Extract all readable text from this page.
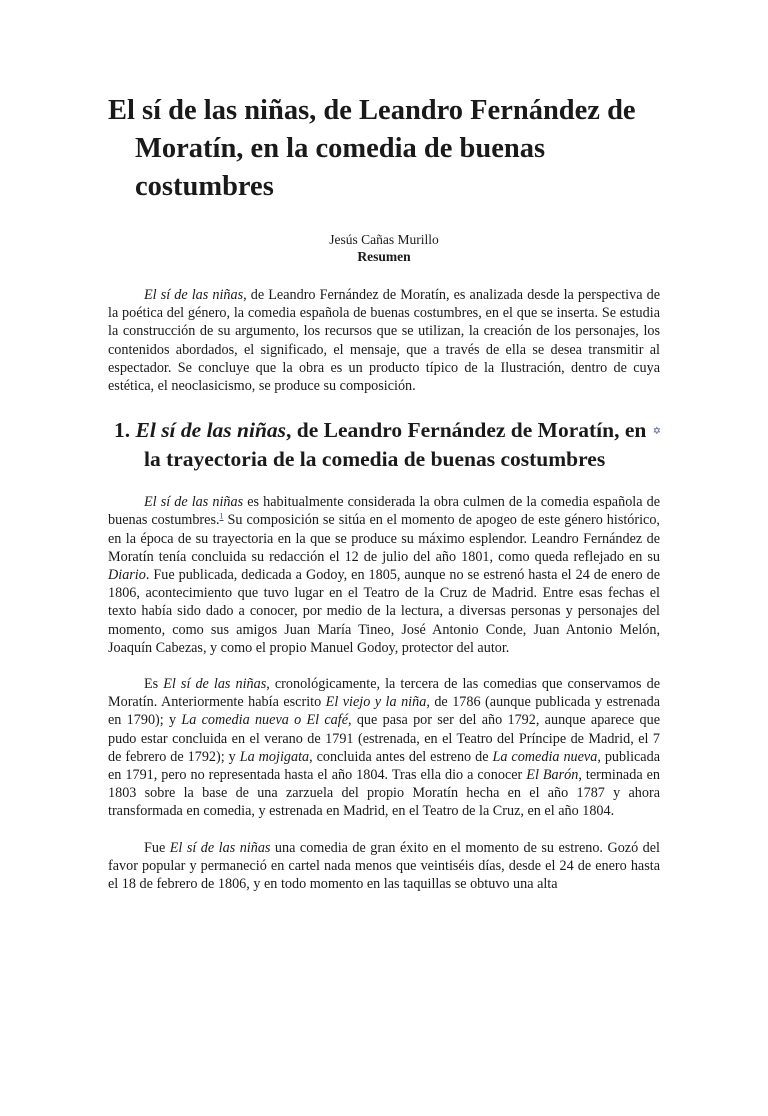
El sí de las niñas, de Leandro Fernández de Moratín, en la comedia de buenas costumbres
Jesús Cañas Murillo
Resumen

El sí de las niñas, de Leandro Fernández de Moratín, es analizada desde la perspectiva de la poética del género, la comedia española de buenas costumbres, en el que se inserta. Se estudia la construcción de su argumento, los recursos que se utilizan, la creación de los personajes, los contenidos abordados, el significado, el mensaje, que a través de ella se desea transmitir al espectador. Se concluye que la obra es un producto típico de la Ilustración, dentro de cuya estética, el neoclasicismo, se produce su composición.

1. El sí de las niñas, de Leandro Fernández de Moratín, en la trayectoria de la comedia de buenas costumbres
✡

El sí de las niñas es habitualmente considerada la obra culmen de la comedia española de buenas costumbres.$^1$ Su composición se sitúa en el momento de apogeo de este género histórico, en la época de su trayectoria en la que se produce su máximo esplendor. Leandro Fernández de Moratín tenía concluida su redacción el 12 de julio del año 1801, como queda reflejado en su Diario. Fue publicada, dedicada a Godoy, en 1805, aunque no se estrenó hasta el 24 de enero de 1806, acontecimiento que tuvo lugar en el Teatro de la Cruz de Madrid. Entre esas fechas el texto había sido dado a conocer, por medio de la lectura, a diversas personas y personajes del momento, como sus amigos Juan María Tineo, José Antonio Conde, Juan Antonio Melón, Joaquín Cabezas, y como el propio Manuel Godoy, protector del autor.

Es El sí de las niñas, cronológicamente, la tercera de las comedias que conservamos de Moratín. Anteriormente había escrito El viejo y la niña, de 1786 (aunque publicada y estrenada en 1790); y La comedia nueva o El café, que pasa por ser del año 1792, aunque aparece que pudo estar concluida en el verano de 1791 (estrenada, en el Teatro del Príncipe de Madrid, el 7 de febrero de 1792); y La mojigata, concluida antes del estreno de La comedia nueva, publicada en 1791, pero no representada hasta el año 1804. Tras ella dio a conocer El Barón, terminada en 1803 sobre la base de una zarzuela del propio Moratín hecha en el año 1787 y ahora transformada en comedia, y estrenada en Madrid, en el Teatro de la Cruz, en el año 1804.

Fue El sí de las niñas una comedia de gran éxito en el momento de su estreno. Gozó del favor popular y permaneció en cartel nada menos que veintiséis días, desde el 24 de enero hasta el 18 de febrero de 1806, y en todo momento en las taquillas se obtuvo una alta
